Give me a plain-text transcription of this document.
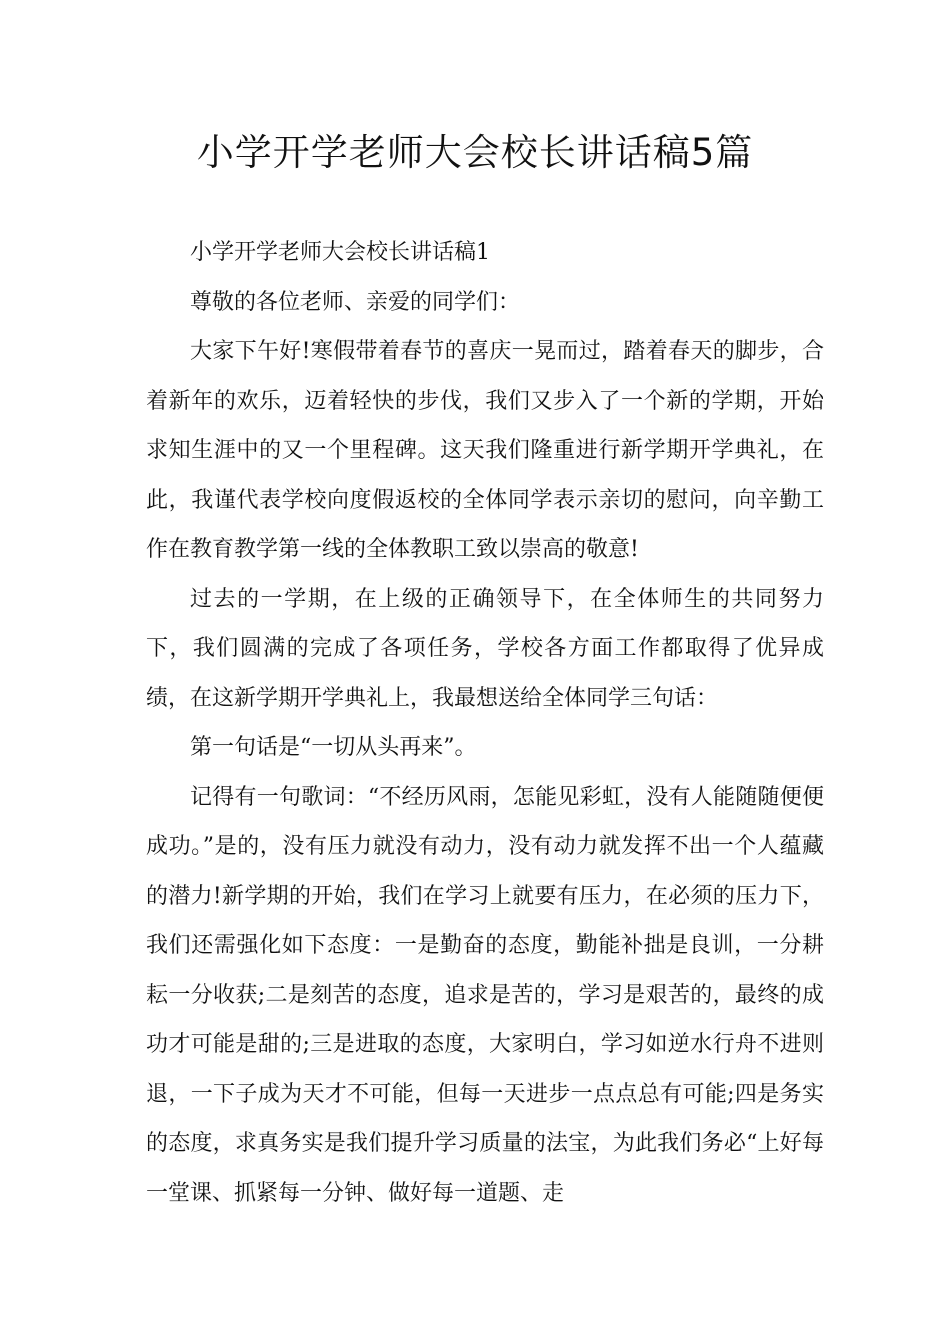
小学开学老师大会校长讲话稿5篇

小学开学老师大会校长讲话稿1

尊敬的各位老师、亲爱的同学们：

大家下午好!寒假带着春节的喜庆一晃而过，踏着春天的脚步，合着新年的欢乐，迈着轻快的步伐，我们又步入了一个新的学期，开始求知生涯中的又一个里程碑。这天我们隆重进行新学期开学典礼，在此，我谨代表学校向度假返校的全体同学表示亲切的慰问，向辛勤工作在教育教学第一线的全体教职工致以崇高的敬意!

过去的一学期，在上级的正确领导下，在全体师生的共同努力下，我们圆满的完成了各项任务，学校各方面工作都取得了优异成绩，在这新学期开学典礼上，我最想送给全体同学三句话：

第一句话是“一切从头再来”。

记得有一句歌词：“不经历风雨，怎能见彩虹，没有人能随随便便成功。”是的，没有压力就没有动力，没有动力就发挥不出一个人蕴藏的潜力!新学期的开始，我们在学习上就要有压力，在必须的压力下，我们还需强化如下态度：一是勤奋的态度，勤能补拙是良训，一分耕耘一分收获;二是刻苦的态度，追求是苦的，学习是艰苦的，最终的成功才可能是甜的;三是进取的态度，大家明白，学习如逆水行舟不进则退，一下子成为天才不可能，但每一天进步一点点总有可能;四是务实的态度，求真务实是我们提升学习质量的法宝，为此我们务必“上好每一堂课、抓紧每一分钟、做好每一道题、走
